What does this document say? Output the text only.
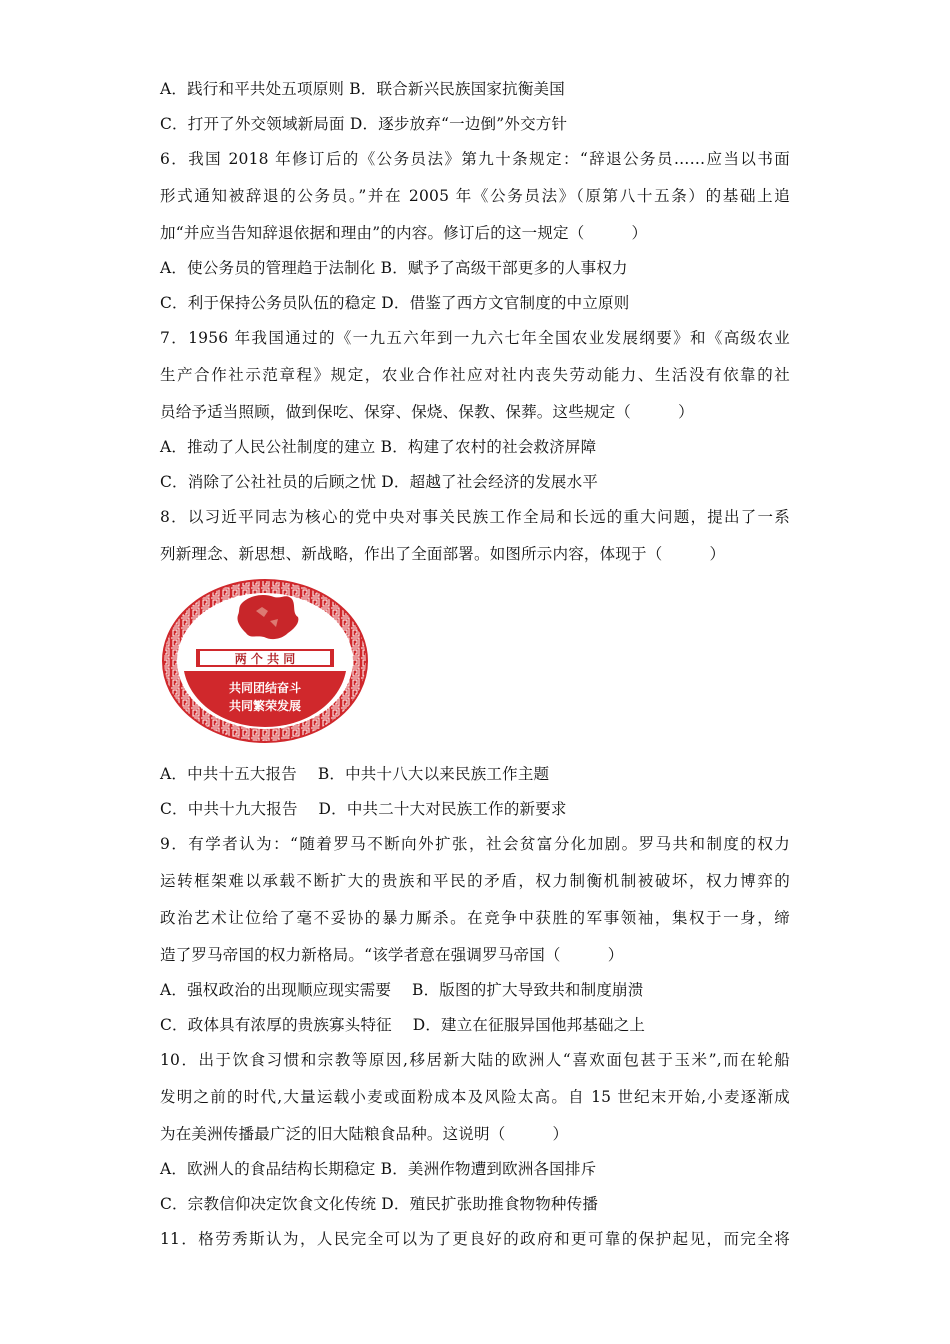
A．践行和平共处五项原则 B．联合新兴民族国家抗衡美国
C．打开了外交领域新局面 D．逐步放弃“一边倒”外交方针
6．我国 2018 年修订后的《公务员法》第九十条规定：“辞退公务员……应当以书面
形式通知被辞退的公务员。”并在 2005 年《公务员法》（原第八十五条）的基础上追
加“并应当告知辞退依据和理由”的内容。修订后的这一规定（　　　）
A．使公务员的管理趋于法制化 B．赋予了高级干部更多的人事权力
C．利于保持公务员队伍的稳定 D．借鉴了西方文官制度的中立原则
7．1956 年我国通过的《一九五六年到一九六七年全国农业发展纲要》和《高级农业
生产合作社示范章程》规定，农业合作社应对社内丧失劳动能力、生活没有依靠的社
员给予适当照顾，做到保吃、保穿、保烧、保教、保葬。这些规定（　　　）
A．推动了人民公社制度的建立 B．构建了农村的社会救济屏障
C．消除了公社社员的后顾之忧 D．超越了社会经济的发展水平
8．以习近平同志为核心的党中央对事关民族工作全局和长远的重大问题，提出了一系
列新理念、新思想、新战略，作出了全面部署。如图所示内容，体现于（　　　）
两 个 共 同
共同团结奋斗
共同繁荣发展
A．中共十五大报告　 B．中共十八大以来民族工作主题
C．中共十九大报告　 D．中共二十大对民族工作的新要求
9．有学者认为：“随着罗马不断向外扩张，社会贫富分化加剧。罗马共和制度的权力
运转框架难以承载不断扩大的贵族和平民的矛盾，权力制衡机制被破坏，权力博弈的
政治艺术让位给了毫不妥协的暴力厮杀。在竞争中获胜的军事领袖，集权于一身，缔
造了罗马帝国的权力新格局。“该学者意在强调罗马帝国（　　　）
A．强权政治的出现顺应现实需要　 B．版图的扩大导致共和制度崩溃
C．政体具有浓厚的贵族寡头特征　 D．建立在征服异国他邦基础之上
10．出于饮食习惯和宗教等原因,移居新大陆的欧洲人“喜欢面包甚于玉米”,而在轮船
发明之前的时代,大量运载小麦或面粉成本及风险太高。自 15 世纪末开始,小麦逐渐成
为在美洲传播最广泛的旧大陆粮食品种。这说明（　　　）
A．欧洲人的食品结构长期稳定 B．美洲作物遭到欧洲各国排斥
C．宗教信仰决定饮食文化传统 D．殖民扩张助推食物物种传播
11．格劳秀斯认为，人民完全可以为了更良好的政府和更可靠的保护起见，而完全将
